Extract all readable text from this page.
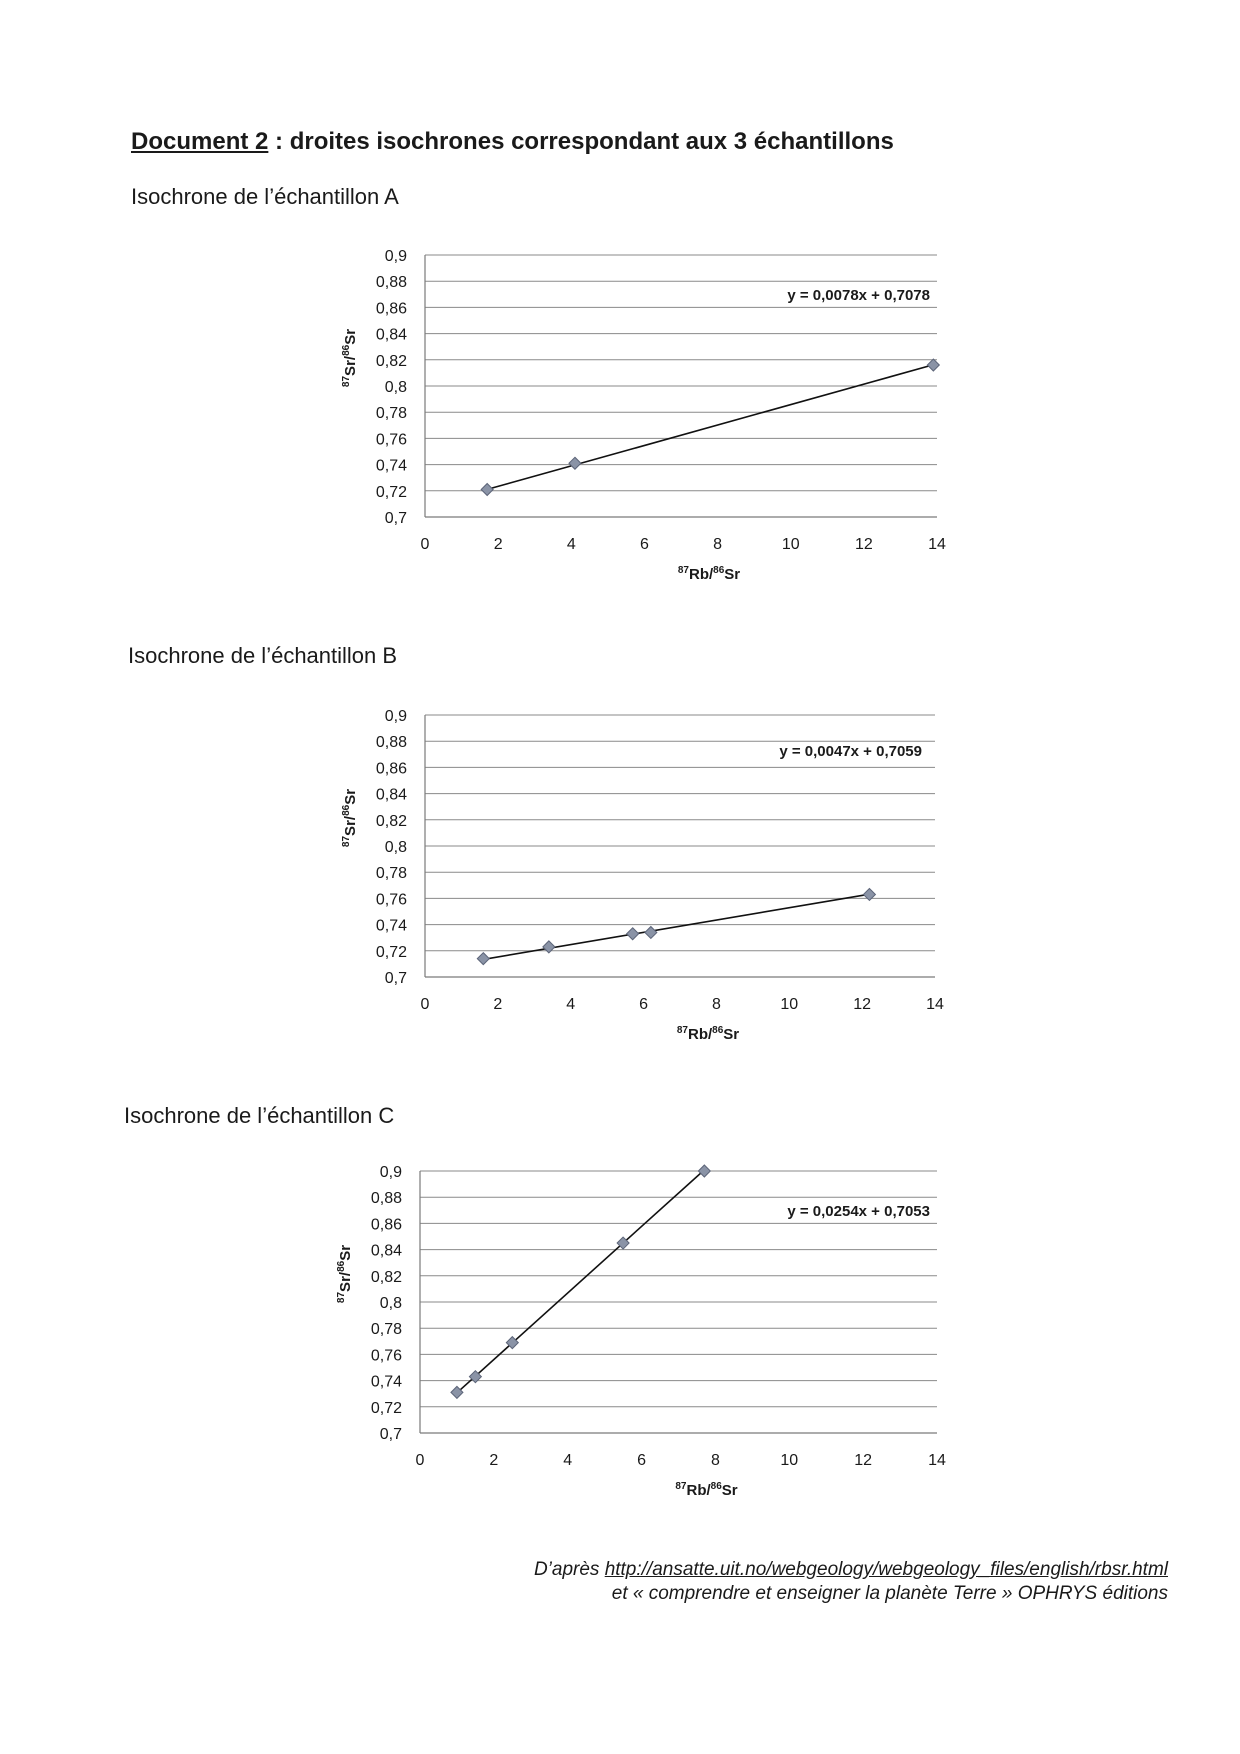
Document 2 : droites isochrones correspondant aux 3 échantillons
Isochrone de l’échantillon A
0,7
0,72
0,74
0,76
0,78
0,8
0,82
0,84
0,86
0,88
0,9
0	2	4	6	8	10	12	14
$^{87}$Rb/$^{86}$Sr
$^{87}$Sr/$^{86}$Sr
y = 0,0078x + 0,7078
Isochrone de l’échantillon B
0,7
0,72
0,74
0,76
0,78
0,8
0,82
0,84
0,86
0,88
0,9
0	2	4	6	8	10	12	14
$^{87}$Rb/$^{86}$Sr
$^{87}$Sr/$^{86}$Sr
y = 0,0047x + 0,7059
Isochrone de l’échantillon C
0,7
0,72
0,74
0,76
0,78
0,8
0,82
0,84
0,86
0,88
0,9
0	2	4	6	8	10	12	14
$^{87}$Rb/$^{86}$Sr
$^{87}$Sr/$^{86}$Sr
y = 0,0254x + 0,7053
D’après http://ansatte.uit.no/webgeology/webgeology_files/english/rbsr.html
et « comprendre et enseigner la planète Terre » OPHRYS éditions
